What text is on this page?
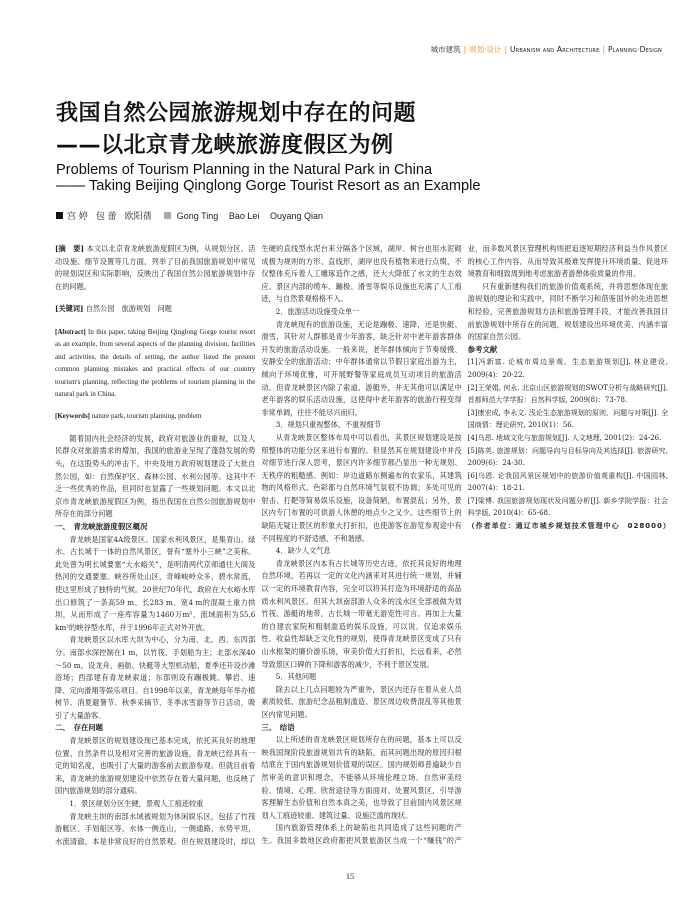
城市建筑 | 规划·设计 | Urbanism and Architecture | Planning·Design
我国自然公园旅游规划中存在的问题
——以北京青龙峡旅游度假区为例
Problems of Tourism Planning in the Natural Park in China
—— Taking Beijing Qinglong Gorge Tourist Resort as an Example
宫 婷 包 蕾 欧阳蒨	Gong Ting Bao Lei Ouyang Qian

[摘　要] 本文以北京青龙峡旅游度假区为例，从规划分区、活动设施、细节设置等几方面，列举了目前我国旅游规划中常见的规划误区和实际影响，反映出了我国自然公园旅游规划中存在的问题。

[关键词] 自然公园　旅游规划　问题

[Abstract] In this paper, taking Beijing Qinglong Gorge tourist resort as an example, from several aspects of the planning division, facilities and activities, the details of setting, the author listed the present common planning mistakes and practical effects of our country tourism's planning, reflecting the problems of tourism planning in the natural park in China.

[Keywords] nature park, tourism planning, problem

随着国内社会经济的发展，政府对旅游业的重视，以及人民群众对旅游需求的增加，我国的旅游业呈现了蓬勃发展的势头，在这股势头的冲击下，中央及地方政府规划建设了大批自然公园，如：自然保护区、森林公园、水利公园等。这其中不乏一些优秀的作品，但同时也显露了一些规划问题。本文以北京市青龙峡旅游度假区为例，指出我国在自然公园旅游规划中所存在的部分问题

一、　青龙峡旅游度假区概况

青龙峡是国家4A级景区、国家水利风景区，是集青山、绿水、古长城于一体的自然风景区，誉有“塞外小三峡”之美称。此处曾为明长城要塞“大水峪关”，是明清两代京师通往大阁及热河的交通要塞。峡谷所处山区，奇峰峻岭众多，碧水常流，使这里形成了独特的气候。20世纪70年代，政府在大水峪水库出口修筑了一条高59 m、长283 m、宽4 m的混凝土重力拱坝，从而形成了一座库容量为1460万m³、流域面积为55.6 km²的峡谷型水库，并于1996年正式对外开放。

青龙峡景区以水库大坝为中心，分为南、北、西、东四部分。南部水深控制在1 m，以竹筏、手划船为主；北部水深40～50 m，设龙舟、画舫、快艇等大型机动船，夏季还开设沙滩浴场；西部建有青龙峡索道；东部则设有蹦极跳、攀岩、速降、定向滑翔等娱乐项目。自1998年以来，青龙峡每年举办植树节、消夏避暑节、秋季采摘节、冬季冰雪游等节日活动，吸引了大量游客。

二、　存在问题

青龙峡景区的规划建设现已基本完成，依托其良好的地理位置、自然条件以及相对完善的旅游设施，青龙峡已经具有一定的知名度，也吸引了大量的游客前去旅游参观。但就目前看来，青龙峡的旅游规划建设中依然存在着大量问题，也反映了国内旅游规划的部分通病。

1．景区规划分区生硬，景观人工痕迹较重

青龙峡主坝的南部水域被规划为休闲娱乐区，包括了竹筏游艇区、手划船区等。水体一侧连山，一侧通路，水势平坦，水流清澈，本是非常良好的自然景观。但在规划建设时，却以生硬的直线型水泥台来分隔各个区域，湖岸、树台也用水泥砌成极为规则的方形、直线形，湖岸也没有植物来进行点缀，不仅整体充斥着人工雕琢造作之感，还大大降低了水文的生态效应。景区内部的缆车、蹦极、滑雪等娱乐设施也充满了人工痕迹，与自然景观格格不入。

2．旅游活动设施受众单一

青龙峡现有的旅游设施，无论是蹦极、速降，还是快艇、滑雪，其针对人群都是青少年游客，缺乏针对中老年游客群体开发的旅游活动设施。一般来说，老年群体倾向于节奏缓慢、安静安全的旅游活动；中年群体通常以节假日家庭出游为主，倾向于环境优雅，可开展野餐等家庭成员互动项目的旅游活动。但青龙峡景区内除了索道、游艇外，并无其他可以满足中老年游客的娱乐活动设施，这使得中老年游客的旅游行程变得非常单调，往往不能尽兴而归。

3．规划只重视整体，不重视细节

从青龙峡景区整体布局中可以看出，其景区规划建设是按照整体的功能分区来进行布置的。但显然其在规划建设中并没对细节进行深入思考，景区内许多细节都凸显出一种无规划、无秩序的粗糙感。例如：岸边道路东侧遍布的农家乐，其建筑物的风格形式、色彩都与自然环境气氛很不协调；多处可见的射击、打靶等简易娱乐设施，设备简陋，布置混乱；另外，景区内专门布置的可供游人休憩的地点少之又少。这些细节上的缺陷无疑让景区的形象大打折扣，也使游客在游览参观途中有不同程度的不舒适感、不和谐感。

4．缺少人文气息

青龙峡景区内本有古长城等历史古迹，依托其良好的地理自然环境，若再以一定的文化内涵来对其进行统一规划，并辅以一定的环境教育内容，完全可以将其打造为环境舒适的高品质水利风景区。但其大坝南部游人众多的浅水区全部被做为划竹筏、游艇的地带，古长城一带毫无游览性可言。再加上大量的自建农家院和粗制滥造的娱乐设施，可以说，仅追求娱乐性、收益性却缺乏文化性的规划，使得青龙峡景区变成了只有山水框架的廉价游乐场，审美价值大打折扣，长远看来，必然导致景区口碑的下降和游客的减少，不利于景区发展。

5．其他问题

除去以上几点问题较为严重外，景区内还存在着从业人员素质较低、旅游纪念品粗制滥造、景区周边收费混乱等其他景区内常见问题。

三、　结语

以上所述的青龙峡景区规划所存在的问题，基本上可以反映我国现阶段旅游规划共有的缺陷。而其问题出现的原因归根结底在于国内旅游规划价值观的误区。国内规划师普遍缺少自然审美的意识和理念，不能够从环境伦理立场、自然审美经验、情境、心理、欣赏途径等方面面对、处置风景区，引导游客理解生态价值和自然本真之美，也导致了目前国内风景区规划人工痕迹较重、建筑过量、设施泛滥的现状。

国内旅游管理体系上的缺陷也共同造成了这些问题的产生。我国多数地区政府都把风景旅游区当成一个“赚钱”的产业，而多数风景区管理机构则把追逐短期经济利益当作风景区的核心工作内容，从而导致其极难发挥提升环境质量、促进环境教育和细致周到地考虑旅游者游憩体验质量的作用。

只有重新建构我们的旅游价值观系统，并将思想体现在旅游规划的理论和实践中，同时不断学习和借鉴国外的先进思想和经验，完善旅游规划方法和旅游管理手段，才能改善我国目前旅游规划中所存在的问题，规划建设出环境优美、内涵丰富的国家自然公园。

参考文献

[1]冯新富. 论城市周边景观、生态旅游规划[J]. 林业建设, 2009(4)：20-22.

[2]王荣娟, 何永. 北京山区旅游规划的SWOT分析与战略研究[J]. 首都师范大学学报：自然科学版, 2009(8)：73-78.

[3]康宏成, 李永文. 浅论生态旅游规划的原则、问题与对策[J]. 全国商情：理论研究, 2010(1)：56.

[4]乌恩. 地域文化与旅游规划[J]. 人文地理, 2001(2)：24-26.

[5]陈英. 旅游规划：问题导向与目标导向及其选择[J]. 旅游研究, 2009(6)：24-30.

[6]乌恩. 论我国风景区规划中的旅游价值观重构[J]. 中国园林, 2007(4)：18-21.

[7]梁博. 我国旅游规划现状及问题分析[J]. 新乡学院学报：社会科学版, 2010(4)：65-68.

（作者单位：通辽市城乡规划技术管理中心　028000）

15
